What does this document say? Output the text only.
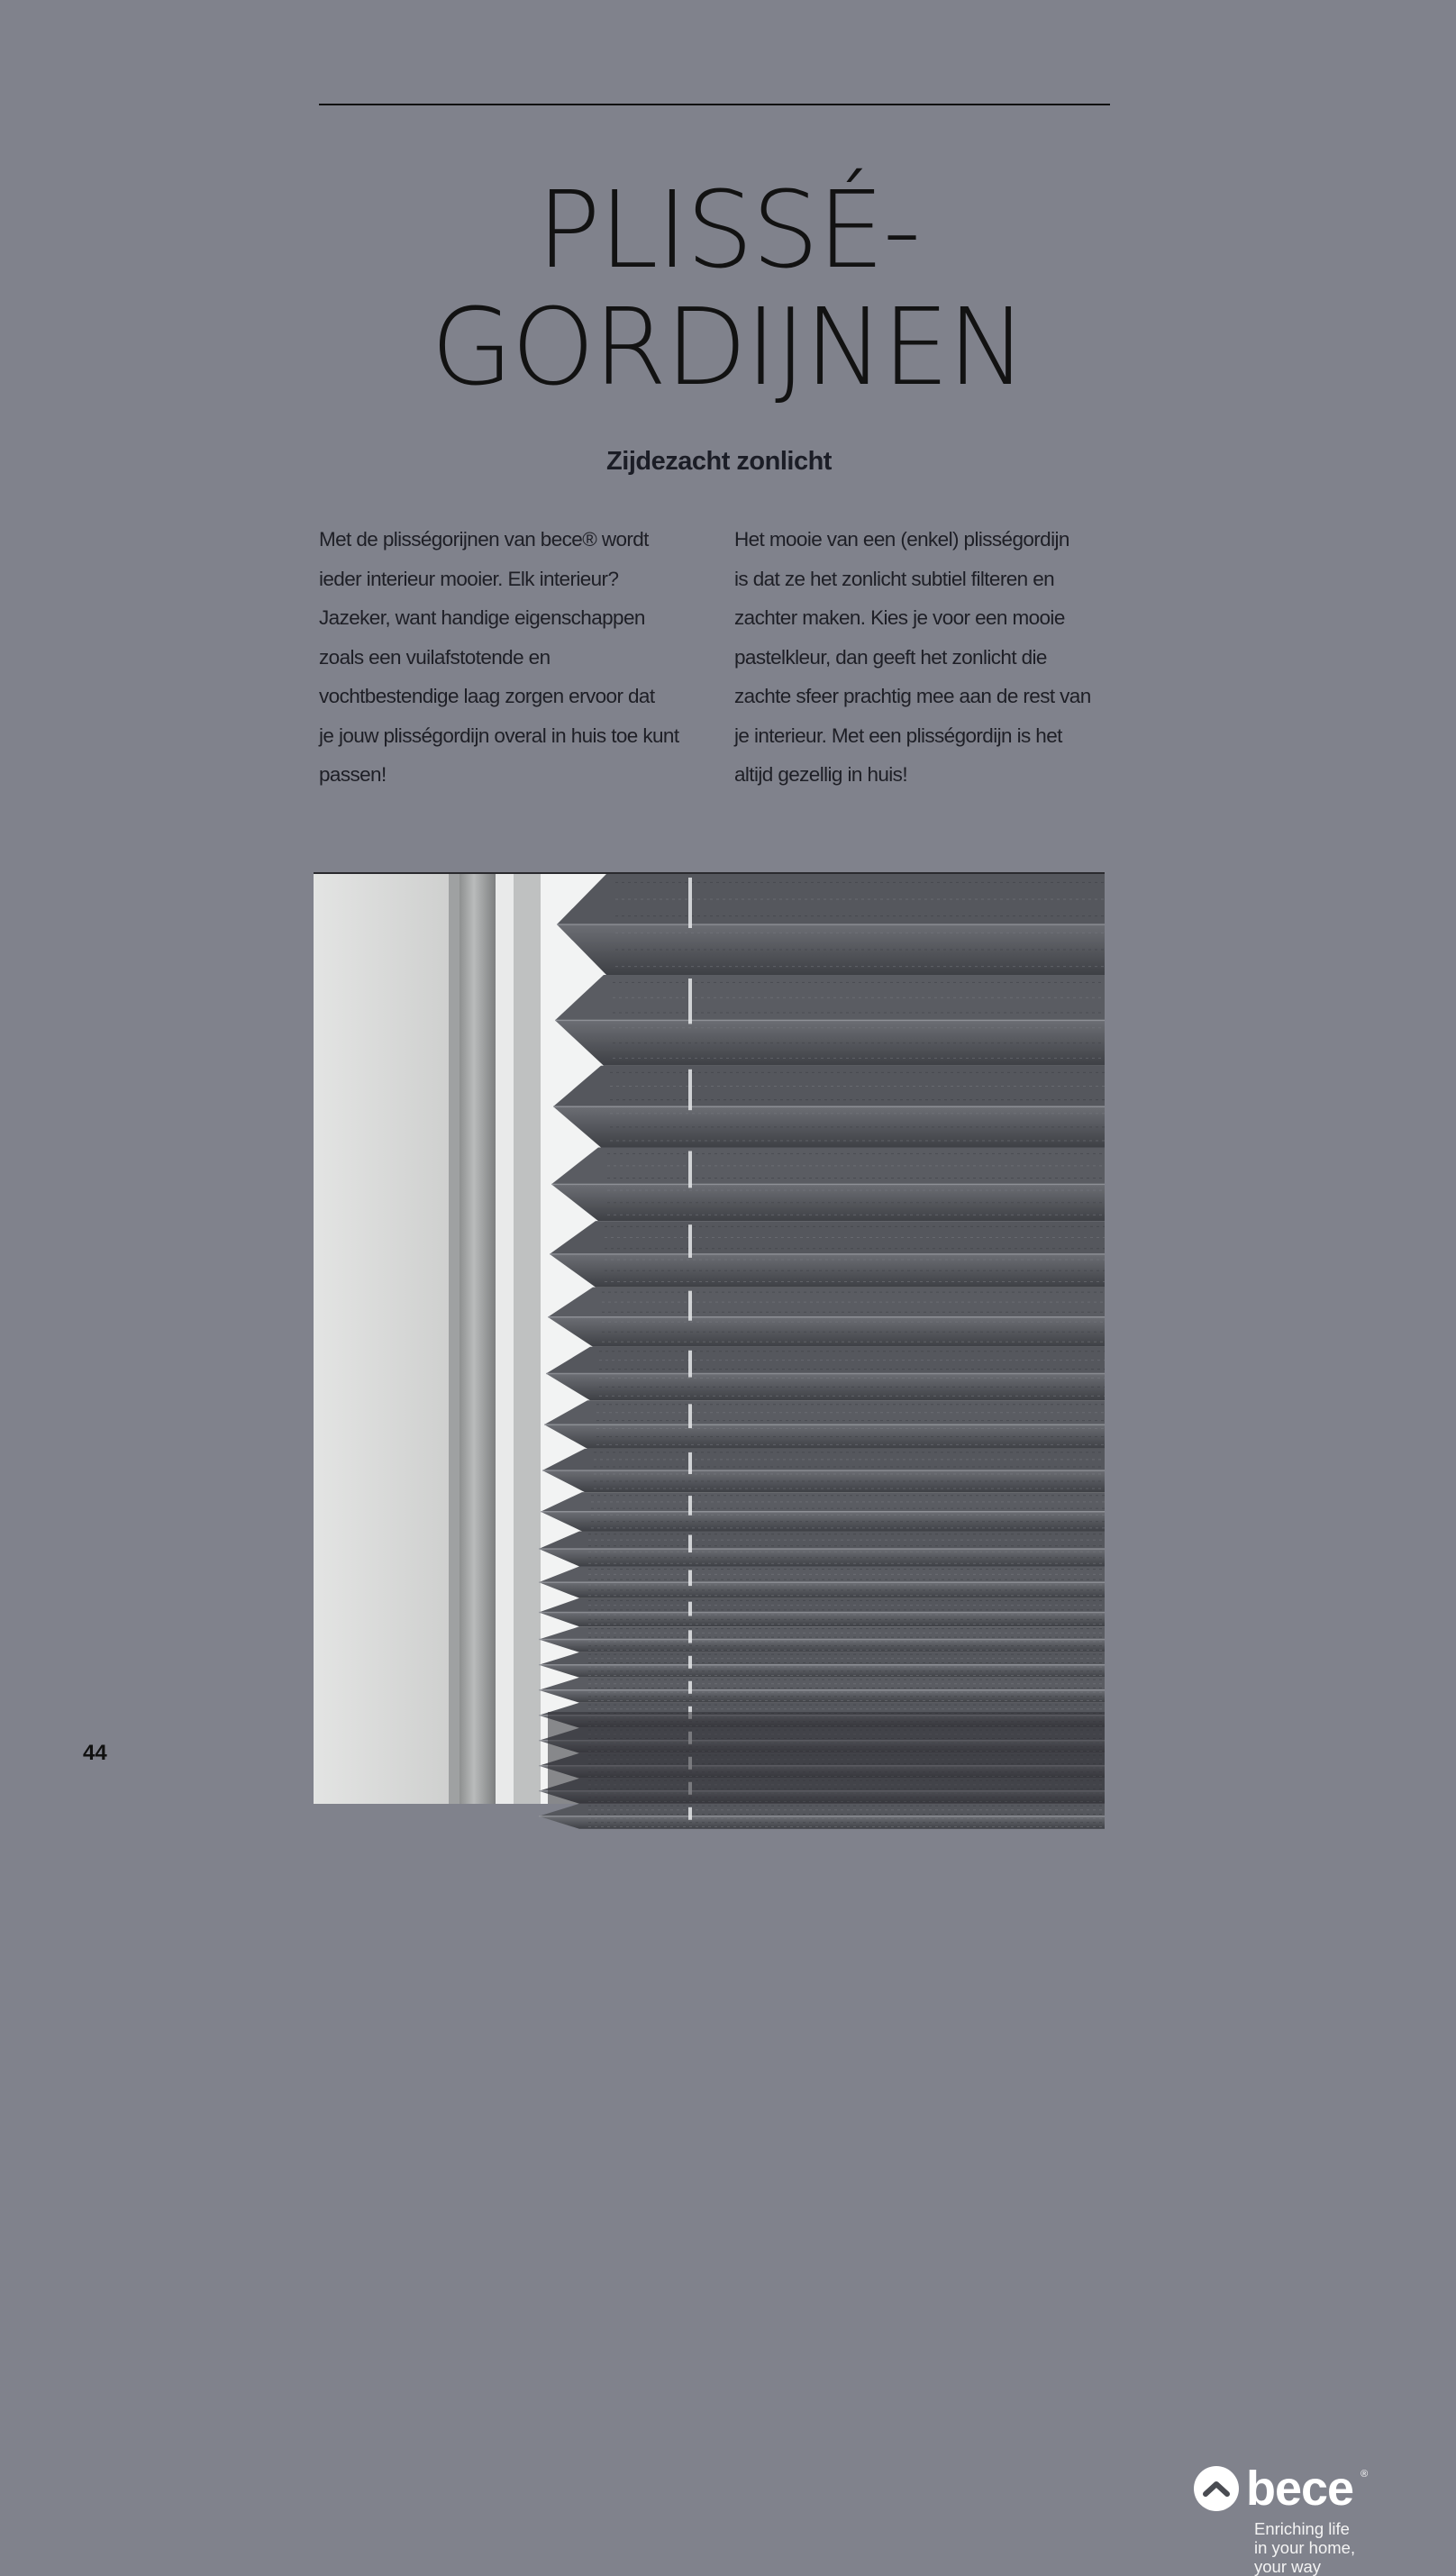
PLISSÉ-
GORDIJNEN
Zijdezacht zonlicht

Met de plisségorijnen van bece® wordt
ieder interieur mooier. Elk interieur?
Jazeker, want handige eigenschappen
zoals een vuilafstotende en
vochtbestendige laag zorgen ervoor dat
je jouw plisségordijn overal in huis toe kunt
passen!

Het mooie van een (enkel) plisségordijn
is dat ze het zonlicht subtiel filteren en
zachter maken. Kies je voor een mooie
pastelkleur, dan geeft het zonlicht die
zachte sfeer prachtig mee aan de rest van
je interieur. Met een plisségordijn is het
altijd gezellig in huis!

bece ®
Enriching life
in your home,
your way
44
